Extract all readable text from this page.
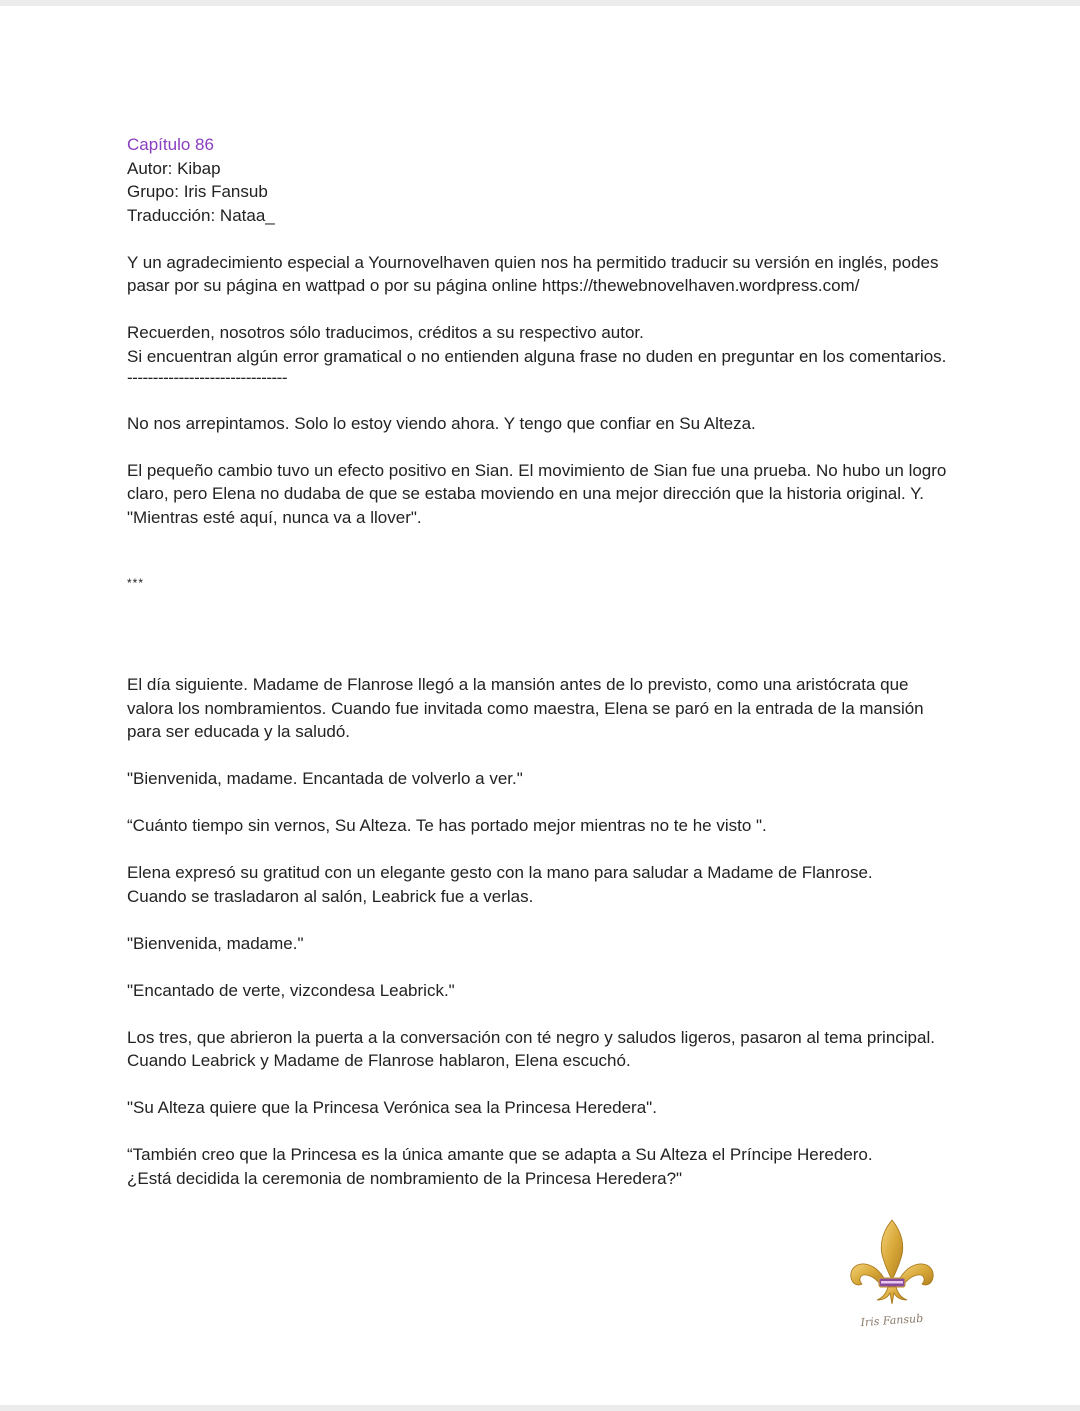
Capítulo 86

Autor: Kibap

Grupo: Iris Fansub

Traducción: Nataa_

Y un agradecimiento especial a Yournovelhaven quien nos ha permitido traducir su versión en inglés, podes pasar por su página en wattpad o por su página online https://thewebnovelhaven.wordpress.com/

Recuerden, nosotros sólo traducimos, créditos a su respectivo autor.

Si encuentran algún error gramatical o no entienden alguna frase no duden en preguntar en los comentarios.

-------------------------------

No nos arrepintamos. Solo lo estoy viendo ahora. Y tengo que confiar en Su Alteza.

El pequeño cambio tuvo un efecto positivo en Sian. El movimiento de Sian fue una prueba. No hubo un logro claro, pero Elena no dudaba de que se estaba moviendo en una mejor dirección que la historia original. Y. "Mientras esté aquí, nunca va a llover".

***

El día siguiente. Madame de Flanrose llegó a la mansión antes de lo previsto, como una aristócrata que valora los nombramientos. Cuando fue invitada como maestra, Elena se paró en la entrada de la mansión para ser educada y la saludó.

"Bienvenida, madame. Encantada de volverlo a ver."

“Cuánto tiempo sin vernos, Su Alteza. Te has portado mejor mientras no te he visto ".

Elena expresó su gratitud con un elegante gesto con la mano para saludar a Madame de Flanrose.

Cuando se trasladaron al salón, Leabrick fue a verlas.

"Bienvenida, madame."

"Encantado de verte, vizcondesa Leabrick."

Los tres, que abrieron la puerta a la conversación con té negro y saludos ligeros, pasaron al tema principal. Cuando Leabrick y Madame de Flanrose hablaron, Elena escuchó.

"Su Alteza quiere que la Princesa Verónica sea la Princesa Heredera".

“También creo que la Princesa es la única amante que se adapta a Su Alteza el Príncipe Heredero.

¿Está decidida la ceremonia de nombramiento de la Princesa Heredera?"

Iris Fansub
